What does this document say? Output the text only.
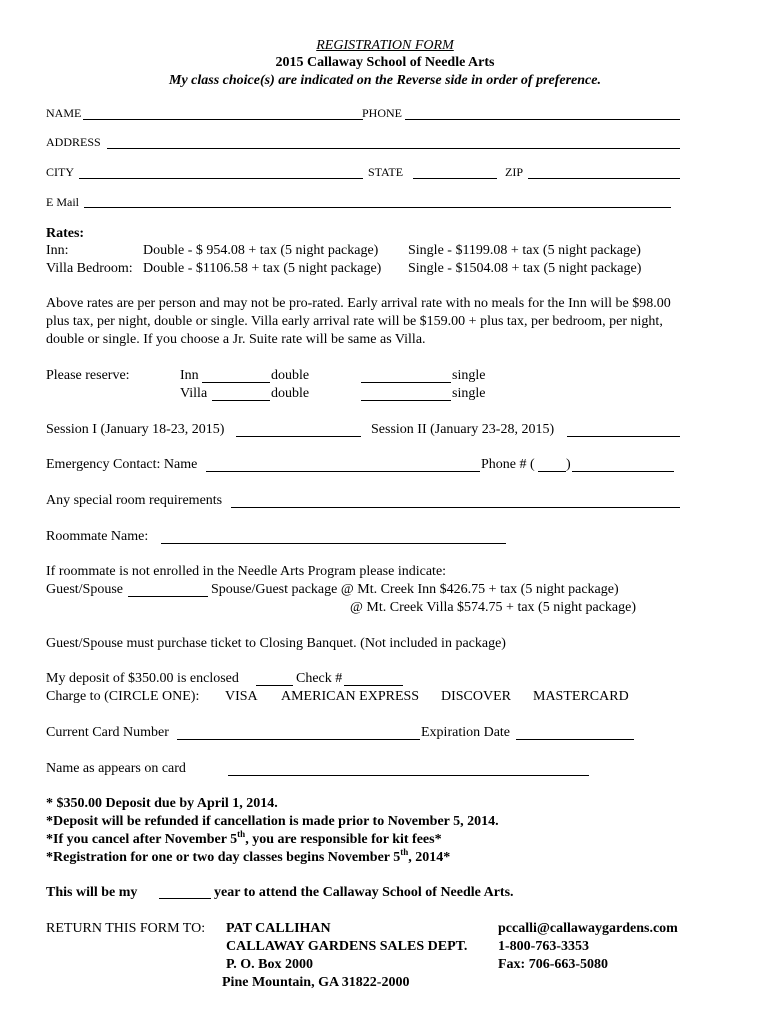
REGISTRATION FORM
2015 Callaway School of Needle Arts
My class choice(s) are indicated on the Reverse side in order of preference.
NAME	PHONE
ADDRESS
CITY	STATE	ZIP
E Mail
Rates:
Inn:	Double - $ 954.08 + tax (5 night package) Single - $1199.08 + tax (5 night package)
Villa Bedroom: Double - $1106.58 + tax (5 night package) Single - $1504.08 + tax (5 night package)
Above rates are per person and may not be pro-rated. Early arrival rate with no meals for the Inn will be $98.00
plus tax, per night, double or single. Villa early arrival rate will be $159.00 + plus tax, per bedroom, per night,
double or single. If you choose a Jr. Suite rate will be same as Villa.
Please reserve:	Inn	double	single
Villa	double	single
Session I (January 18-23, 2015)	Session II (January 23-28, 2015)
Emergency Contact: Name	Phone # ( )
Any special room requirements
Roommate Name:
If roommate is not enrolled in the Needle Arts Program please indicate:
Guest/Spouse	Spouse/Guest package @ Mt. Creek Inn $426.75 + tax (5 night package)
@ Mt. Creek Villa $574.75 + tax (5 night package)
Guest/Spouse must purchase ticket to Closing Banquet. (Not included in package)
My deposit of $350.00 is enclosed	Check #
Charge to (CIRCLE ONE): VISA AMERICAN EXPRESS DISCOVER MASTERCARD
Current Card Number	Expiration Date
Name as appears on card
* $350.00 Deposit due by April 1, 2014.
*Deposit will be refunded if cancellation is made prior to November 5, 2014.
*If you cancel after November 5th, you are responsible for kit fees*
*Registration for one or two day classes begins November 5th, 2014*
This will be my	year to attend the Callaway School of Needle Arts.
RETURN THIS FORM TO: PAT CALLIHAN
CALLAWAY GARDENS SALES DEPT.
P. O. Box 2000
Pine Mountain, GA 31822-2000
pccalli@callawaygardens.com
1-800-763-3353
Fax: 706-663-5080
